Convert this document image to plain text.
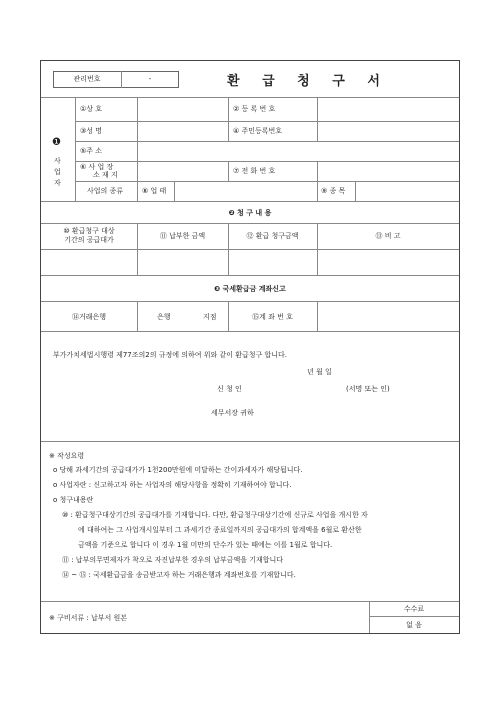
관리번호	-	환 급 청 구 서
❶
사
업
자
①상 호	② 등 록 번 호
③성 명	④ 주민등록번호
⑤주 소
⑥ 사 업 장
소 재 지	⑦ 전 화 번 호
사업의 종류	⑧ 업 태	⑨ 종 목
❷ 청 구 내 용
⑩ 환급청구 대상
기간의 공급대가	⑪ 납부한 금액	⑫ 환급 청구금액	⑬ 비 고
❸ 국세환급금 계좌신고
⑭거래은행	은행	지점	⑮계 좌 번 호
부가가치세법시행령 제77조의2의 규정에 의하여 위와 같이 환급청구 합니다.
년 월 일
신 청 인	(서명 또는 인)
세무서장 귀하
※ 작성요령
o 당해 과세기간의 공급대가가 1천200만원에 미달하는 간이과세자가 해당됩니다.
o 사업자란 : 신고하고자 하는 사업자의 해당사항을 정확히 기재하여야 합니다.
o 청구내용란
⑩ : 환급청구대상기간의 공급대가를 기재합니다. 다만, 환급청구대상기간에 신규로 사업을 개시한 자
에 대하여는 그 사업개시일부터 그 과세기간 종료일까지의 공급대가의 합계액을 6월로 환산한
금액을 기준으로 합니다 이 경우 1월 미만의 단수가 있는 때에는 이를 1월로 합니다.
⑪ : 납부의무면제자가 착오로 자진납부한 경우의 납부금액을 기재합니다
⑭ ~ ⑮ : 국세환급금을 송금받고자 하는 거래은행과 계좌번호를 기재합니다.
※ 구비서류 : 납부서 원본
수수료
없 음
